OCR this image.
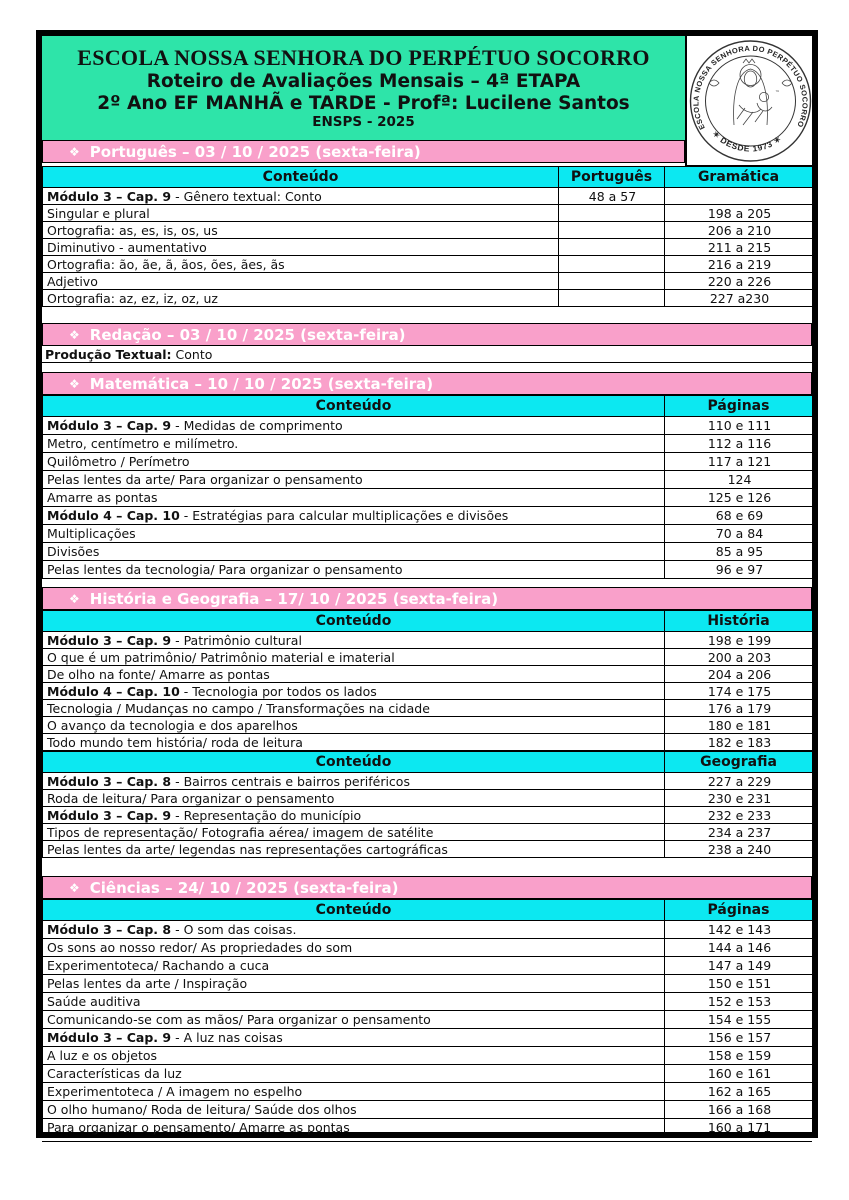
ESCOLA NOSSA SENHORA DO PERPÉTUO SOCORRO
Roteiro de Avaliações Mensais – 4ª ETAPA
2º Ano EF MANHÃ e TARDE - Profª: Lucilene Santos
ENSPS - 2025
❖ Português – 03 / 10 / 2025 (sexta-feira)
ESCOLA NOSSA SENHORA DO PERPÉTUO SOCORRO
✶ DESDE 1973 ✶
™
Conteúdo	Português	Gramática
Módulo 3 – Cap. 9 - Gênero textual: Conto	48 a 57	
Singular e plural		198 a 205
Ortografia: as, es, is, os, us		206 a 210
Diminutivo - aumentativo		211 a 215
Ortografia: ão, ãe, ã, ãos, ões, ães, ãs		216 a 219
Adjetivo		220 a 226
Ortografia: az, ez, iz, oz, uz		227 a230
❖ Redação – 03 / 10 / 2025 (sexta-feira)
Produção Textual: Conto
❖ Matemática – 10 / 10 / 2025 (sexta-feira)
Conteúdo	Páginas
Módulo 3 – Cap. 9 - Medidas de comprimento	110 e 111
Metro, centímetro e milímetro.	112 a 116
Quilômetro / Perímetro	117 a 121
Pelas lentes da arte/ Para organizar o pensamento	124
Amarre as pontas	125 e 126
Módulo 4 – Cap. 10 - Estratégias para calcular multiplicações e divisões	68 e 69
Multiplicações	70 a 84
Divisões	85 a 95
Pelas lentes da tecnologia/ Para organizar o pensamento	96 e 97
❖ História e Geografia – 17/ 10 / 2025 (sexta-feira)
Conteúdo	História
Módulo 3 – Cap. 9 - Patrimônio cultural	198 e 199
O que é um patrimônio/ Patrimônio material e imaterial	200 a 203
De olho na fonte/ Amarre as pontas	204 a 206
Módulo 4 – Cap. 10 - Tecnologia por todos os lados	174 e 175
Tecnologia / Mudanças no campo / Transformações na cidade	176 a 179
O avanço da tecnologia e dos aparelhos	180 e 181
Todo mundo tem história/ roda de leitura	182 e 183
Conteúdo	Geografia
Módulo 3 – Cap. 8 - Bairros centrais e bairros periféricos	227 a 229
Roda de leitura/ Para organizar o pensamento	230 e 231
Módulo 3 – Cap. 9 - Representação do município	232 e 233
Tipos de representação/ Fotografia aérea/ imagem de satélite	234 a 237
Pelas lentes da arte/ legendas nas representações cartográficas	238 a 240
❖ Ciências – 24/ 10 / 2025 (sexta-feira)
Conteúdo	Páginas
Módulo 3 – Cap. 8 - O som das coisas.	142 e 143
Os sons ao nosso redor/ As propriedades do som	144 a 146
Experimentoteca/ Rachando a cuca	147 a 149
Pelas lentes da arte / Inspiração	150 e 151
Saúde auditiva	152 e 153
Comunicando-se com as mãos/ Para organizar o pensamento	154 e 155
Módulo 3 – Cap. 9 - A luz nas coisas	156 e 157
A luz e os objetos	158 e 159
Características da luz	160 e 161
Experimentoteca / A imagem no espelho	162 a 165
O olho humano/ Roda de leitura/ Saúde dos olhos	166 a 168
Para organizar o pensamento/ Amarre as pontas	160 a 171
